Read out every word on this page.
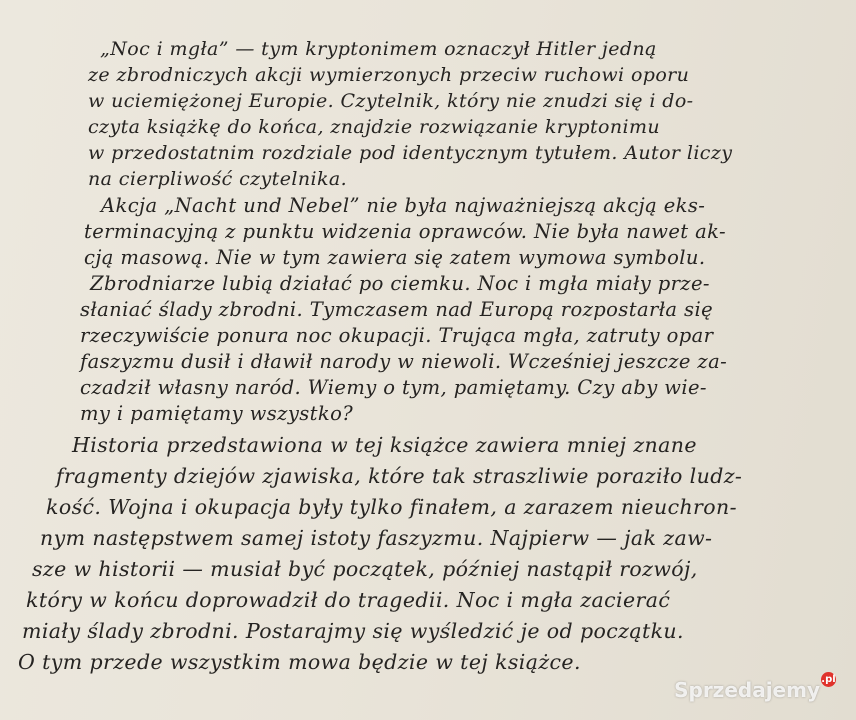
„Noc i mgła” — tym kryptonimem oznaczył Hitler jedną
ze zbrodniczych akcji wymierzonych przeciw ruchowi oporu
w uciemiężonej Europie. Czytelnik, który nie znudzi się i do-
czyta książkę do końca, znajdzie rozwiązanie kryptonimu
w przedostatnim rozdziale pod identycznym tytułem. Autor liczy
na cierpliwość czytelnika.
Akcja „Nacht und Nebel” nie była najważniejszą akcją eks-
terminacyjną z punktu widzenia oprawców. Nie była nawet ak-
cją masową. Nie w tym zawiera się zatem wymowa symbolu.
Zbrodniarze lubią działać po ciemku. Noc i mgła miały prze-
słaniać ślady zbrodni. Tymczasem nad Europą rozpostarła się
rzeczywiście ponura noc okupacji. Trująca mgła, zatruty opar
faszyzmu dusił i dławił narody w niewoli. Wcześniej jeszcze za-
czadził własny naród. Wiemy o tym, pamiętamy. Czy aby wie-
my i pamiętamy wszystko?
Historia przedstawiona w tej książce zawiera mniej znane
fragmenty dziejów zjawiska, które tak straszliwie poraziło ludz-
kość. Wojna i okupacja były tylko finałem, a zarazem nieuchron-
nym następstwem samej istoty faszyzmu. Najpierw — jak zaw-
sze w historii — musiał być początek, później nastąpił rozwój,
który w końcu doprowadził do tragedii. Noc i mgła zacierać
miały ślady zbrodni. Postarajmy się wyśledzić je od początku.
O tym przede wszystkim mowa będzie w tej książce.
Sprzedajemy .pl
